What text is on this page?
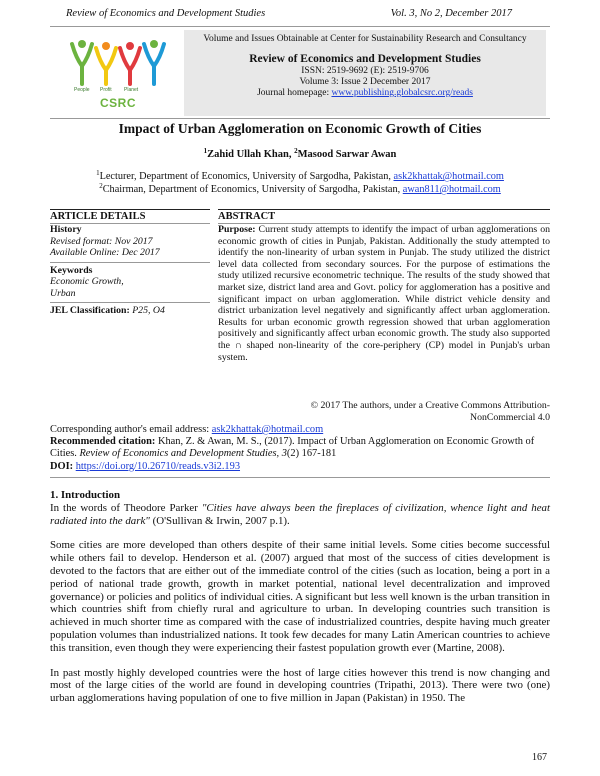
Review of Economics and Development Studies	Vol. 3, No 2, December 2017
People Profit Planet
CSRC
Volume and Issues Obtainable at Center for Sustainability Research and Consultancy
Review of Economics and Development Studies
ISSN: 2519-9692 (E): 2519-9706
Volume 3: Issue 2 December 2017
Journal homepage: www.publishing.globalcsrc.org/reads
Impact of Urban Agglomeration on Economic Growth of Cities
$^1$Zahid Ullah Khan, $^2$Masood Sarwar Awan
$^1$Lecturer, Department of Economics, University of Sargodha, Pakistan, ask2khattak@hotmail.com
$^2$Chairman, Department of Economics, University of Sargodha, Pakistan, awan811@hotmail.com
ARTICLE DETAILS	ABSTRACT
History
Revised format: Nov 2017
Available Online: Dec 2017
Keywords
Economic Growth,
Urban
JEL Classification: P25, O4
Purpose: Current study attempts to identify the impact of urban agglomerations on economic growth of cities in Punjab, Pakistan. Additionally the study attempted to identify the non-linearity of urban system in Punjab. The study utilized the district level data collected from secondary sources. For the purpose of estimations the study utilized recursive econometric technique. The results of the study showed that market size, district land area and Govt. policy for agglomeration has a positive and significant impact on urban agglomeration. While district vehicle density and district urbanization level negatively and significantly affect urban agglomeration. Results for urban economic growth regression showed that urban agglomeration positively and significantly affect urban economic growth. The study also supported the ∩ shaped non-linearity of the core-periphery (CP) model in Punjab's urban system.
© 2017 The authors, under a Creative Commons Attribution-
NonCommercial 4.0
Corresponding author's email address: ask2khattak@hotmail.com
Recommended citation: Khan, Z. & Awan, M. S., (2017). Impact of Urban Agglomeration on Economic Growth of Cities. Review of Economics and Development Studies, 3(2) 167-181
DOI: https://doi.org/10.26710/reads.v3i2.193
1. Introduction

In the words of Theodore Parker "Cities have always been the fireplaces of civilization, whence light and heat radiated into the dark" (O'Sullivan & Irwin, 2007 p.1).

Some cities are more developed than others despite of their same initial levels. Some cities become successful while others fail to develop. Henderson et al. (2007) argued that most of the success of cities development is devoted to the factors that are either out of the immediate control of the cities (such as location, being a port in a period of national trade growth, growth in market potential, national level decentralization and improved governance) or policies and politics of individual cities. A significant but less well known is the urban transition in which countries shift from chiefly rural and agriculture to urban. In developing countries such transition is achieved in much shorter time as compared with the case of industrialized countries, despite having much greater population volumes than industrialized nations. It took few decades for many Latin American countries to achieve this transition, even though they were experiencing their fastest population growth ever (Martine, 2008).

In past mostly highly developed countries were the host of large cities however this trend is now changing and most of the large cities of the world are found in developing countries (Tripathi, 2013). There were two (one) urban agglomerations having population of one to five million in Japan (Pakistan) in 1950. The

167
